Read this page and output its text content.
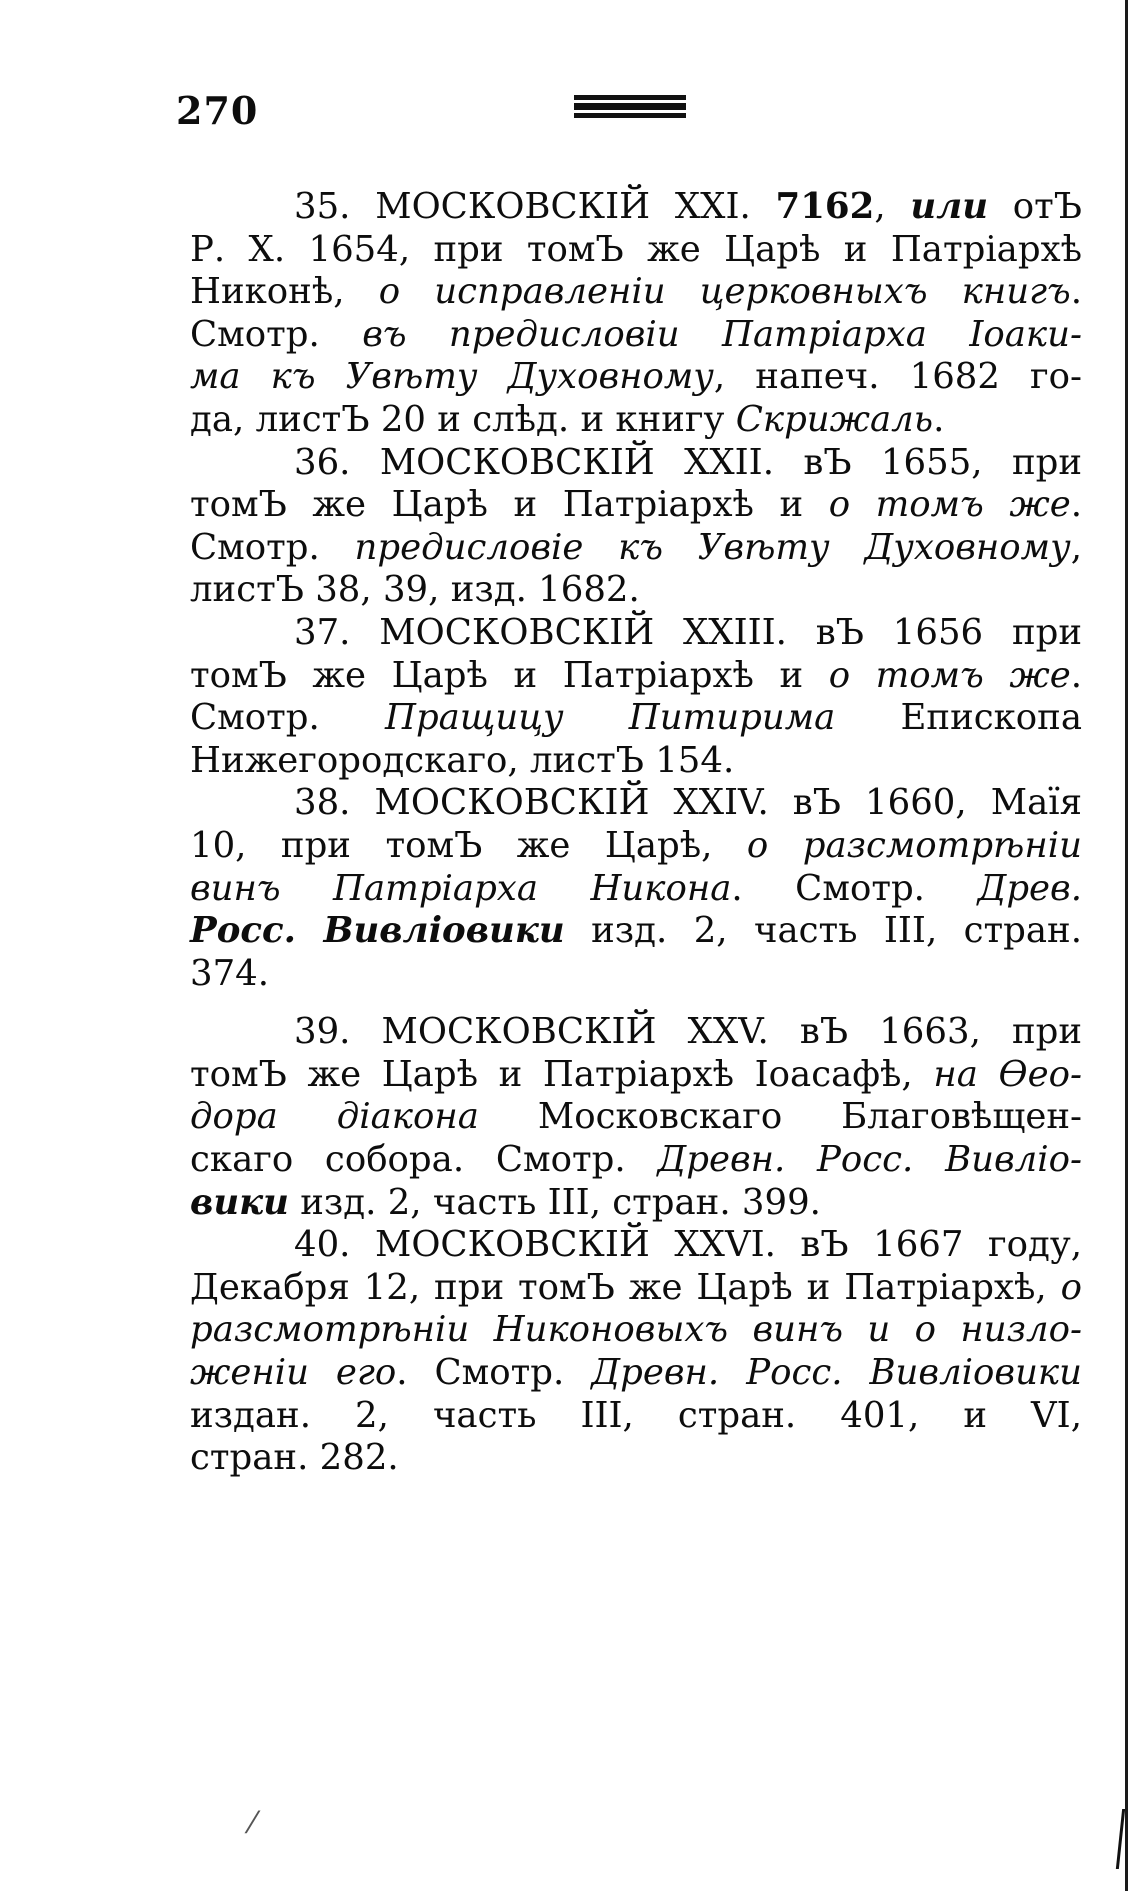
270
35. МОСКОВСКІЙ XXI. 7162, или отЪ
Р. Х. 1654, при томЪ же Царѣ и Патріархѣ
Никонѣ, о исправленіи церковныхъ книгъ.
Смотр. въ предисловіи Патріарха Іоаки-
ма къ Увѣту Духовному, напеч. 1682 го-
да, листЪ 20 и слѣд. и книгу Скрижаль.
36. МОСКОВСКІЙ XXII. вЪ 1655, при
томЪ же Царѣ и Патріархѣ и о томъ же.
Смотр. предисловіе къ Увѣту Духовному,
листЪ 38, 39, изд. 1682.
37. МОСКОВСКІЙ XXIII. вЪ 1656 при
томЪ же Царѣ и Патріархѣ и о томъ же.
Смотр. Пращицу Питирима Епископа
Нижегородскаго, листЪ 154.
38. МОСКОВСКІЙ XXIV. вЪ 1660, Маїя
10, при томЪ же Царѣ, о разсмотрѣніи
винъ Патріарха Никона. Смотр. Древ.
Росс. Вивліовики изд. 2, часть III, стран.
374.
39. МОСКОВСКІЙ XXV. вЪ 1663, при
томЪ же Царѣ и Патріархѣ Іоасафѣ, на Өео-
дора діакона Московскаго Благовѣщен-
скаго собора. Смотр. Древн. Росс. Вивліо-
вики изд. 2, часть III, стран. 399.
40. МОСКОВСКІЙ XXVI. вЪ 1667 году,
Декабря 12, при томЪ же Царѣ и Патріархѣ, о
разсмотрѣніи Никоновыхъ винъ и о низло-
женіи его. Смотр. Древн. Росс. Вивліовики
издан. 2, часть III, стран. 401, и VI,
стран. 282.
⁄
